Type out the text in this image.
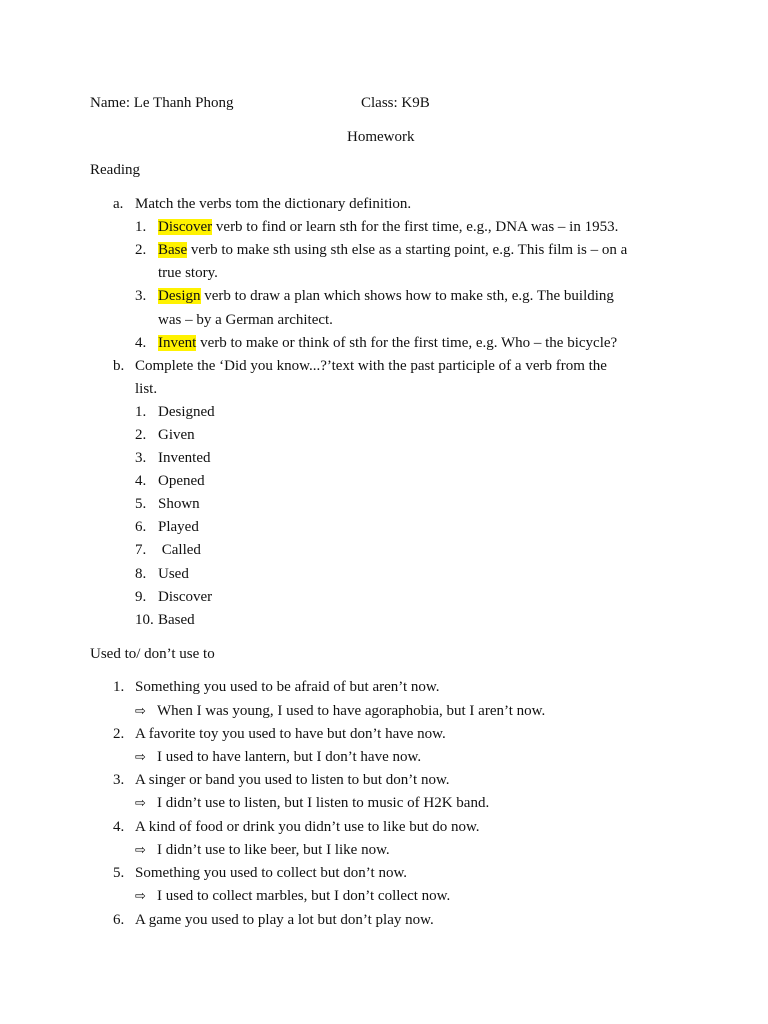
Name: Le Thanh Phong	Class: K9B
Homework
Reading
a. Match the verbs tom the dictionary definition.
1. Discover verb to find or learn sth for the first time, e.g., DNA was – in 1953.
2. Base verb to make sth using sth else as a starting point, e.g. This film is – on a
true story.
3. Design verb to draw a plan which shows how to make sth, e.g. The building
was – by a German architect.
4. Invent verb to make or think of sth for the first time, e.g. Who – the bicycle?
b. Complete the ‘Did you know...?’text with the past participle of a verb from the
list.
1. Designed
2. Given
3. Invented
4. Opened
5. Shown
6. Played
7. Called
8. Used
9. Discover
10. Based
Used to/ don’t use to
1. Something you used to be afraid of but aren’t now.
⇨ When I was young, I used to have agoraphobia, but I aren’t now.
2. A favorite toy you used to have but don’t have now.
⇨ I used to have lantern, but I don’t have now.
3. A singer or band you used to listen to but don’t now.
⇨ I didn’t use to listen, but I listen to music of H2K band.
4. A kind of food or drink you didn’t use to like but do now.
⇨ I didn’t use to like beer, but I like now.
5. Something you used to collect but don’t now.
⇨ I used to collect marbles, but I don’t collect now.
6. A game you used to play a lot but don’t play now.
